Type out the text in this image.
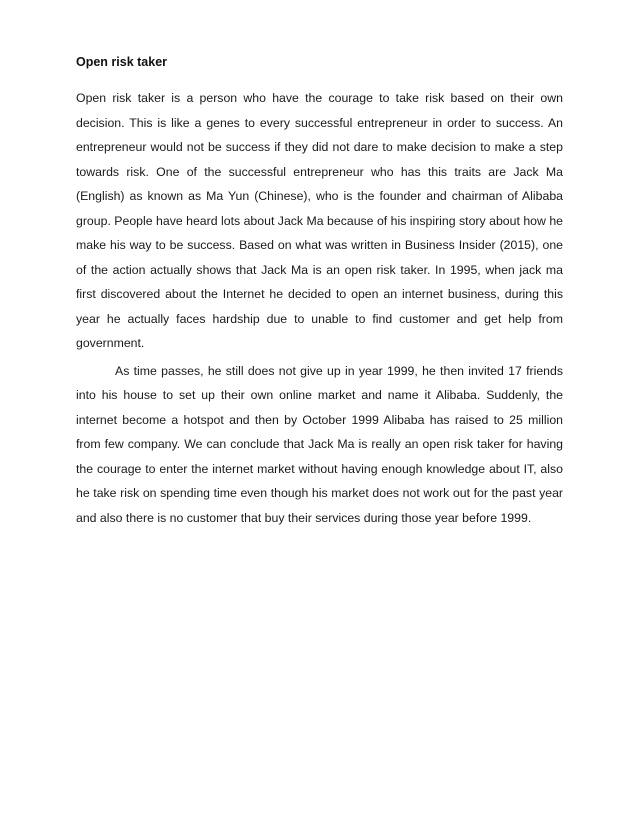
Open risk taker

Open risk taker is a person who have the courage to take risk based on their own decision. This is like a genes to every successful entrepreneur in order to success. An entrepreneur would not be success if they did not dare to make decision to make a step towards risk. One of the successful entrepreneur who has this traits are Jack Ma (English) as known as Ma Yun (Chinese), who is the founder and chairman of Alibaba group. People have heard lots about Jack Ma because of his inspiring story about how he make his way to be success. Based on what was written in Business Insider (2015), one of the action actually shows that Jack Ma is an open risk taker. In 1995, when jack ma first discovered about the Internet he decided to open an internet business, during this year he actually faces hardship due to unable to find customer and get help from government.

As time passes, he still does not give up in year 1999, he then invited 17 friends into his house to set up their own online market and name it Alibaba. Suddenly, the internet become a hotspot and then by October 1999 Alibaba has raised to 25 million from few company. We can conclude that Jack Ma is really an open risk taker for having the courage to enter the internet market without having enough knowledge about IT, also he take risk on spending time even though his market does not work out for the past year and also there is no customer that buy their services during those year before 1999.
